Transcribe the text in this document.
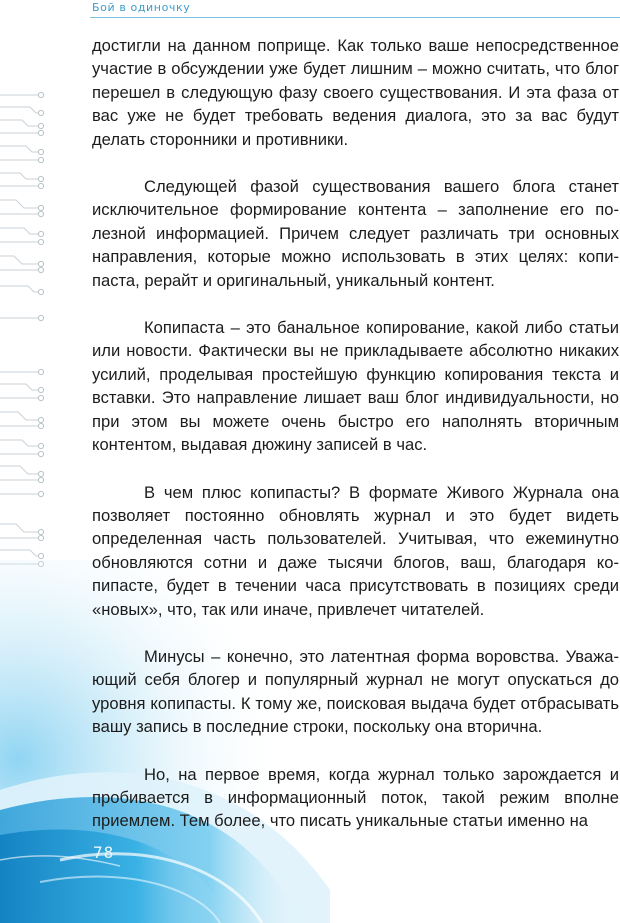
Бой в одиночку
78

достигли на данном поприще. Как только ваше непосредственное участие в обсуждении уже будет лишним – можно считать, что блог перешел в следующую фазу своего существования. И эта фаза от вас уже не будет требовать ведения диалога, это за вас будут делать сторонники и противники.

Следующей фазой существования вашего блога станет исключительное формирование контента – заполнение его полезной информацией. Причем следует различать три основных направления, которые можно использовать в этих целях: копипаста, рерайт и оригинальный, уникальный контент.

Копипаста – это банальное копирование, какой либо статьи или новости. Фактически вы не прикладываете абсолютно никаких усилий, проделывая простейшую функцию копирования текста и вставки. Это направление лишает ваш блог индивидуальности, но при этом вы можете очень быстро его наполнять вторичным контентом, выдавая дюжину записей в час.

В чем плюс копипасты? В формате Живого Журнала она позволяет постоянно обновлять журнал и это будет видеть определенная часть пользователей. Учитывая, что ежеминутно обновляются сотни и даже тысячи блогов, ваш, благодаря копипасте, будет в течении часа присутствовать в позициях среди «новых», что, так или иначе, привлечет читателей.

Минусы – конечно, это латентная форма воровства. Уважающий себя блогер и популярный журнал не могут опускаться до уровня копипасты. К тому же, поисковая выдача будет отбрасывать вашу запись в последние строки, поскольку она вторична.

Но, на первое время, когда журнал только зарождается и пробивается в информационный поток, такой режим вполне приемлем. Тем более, что писать уникальные статьи именно на
